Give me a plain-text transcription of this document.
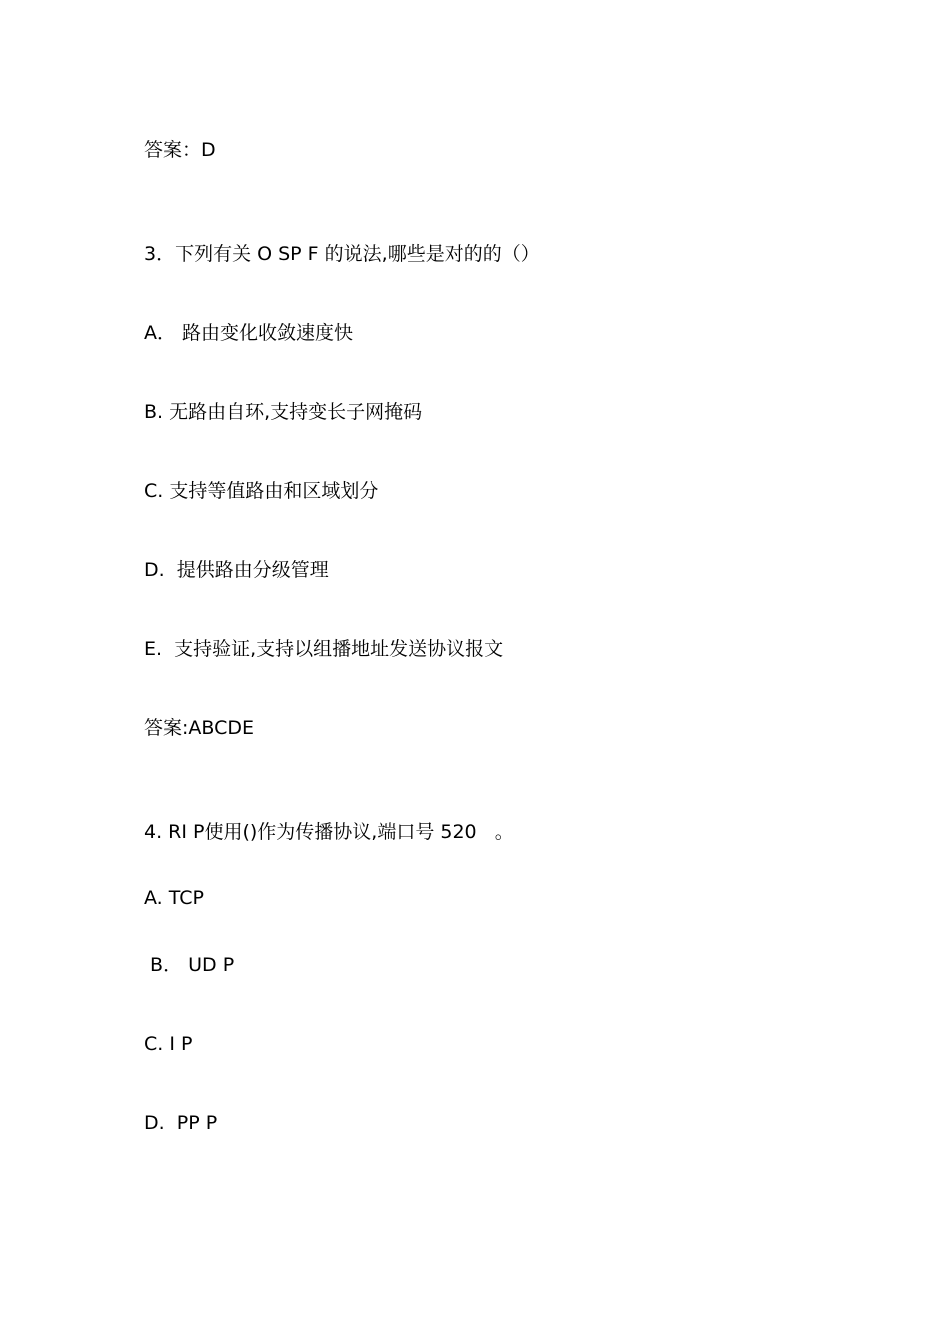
答案：D
3．下列有关 O SP F 的说法,哪些是对的的（）
A． 路由变化收敛速度快
B. 无路由自环,支持变长子网掩码
C. 支持等值路由和区域划分
D.  提供路由分级管理
E.  支持验证,支持以组播地址发送协议报文
答案:ABCDE
4. RI P使用()作为传播协议,端口号 520   。
A. TCP
B． UD P
C. I P
D.  PP P
